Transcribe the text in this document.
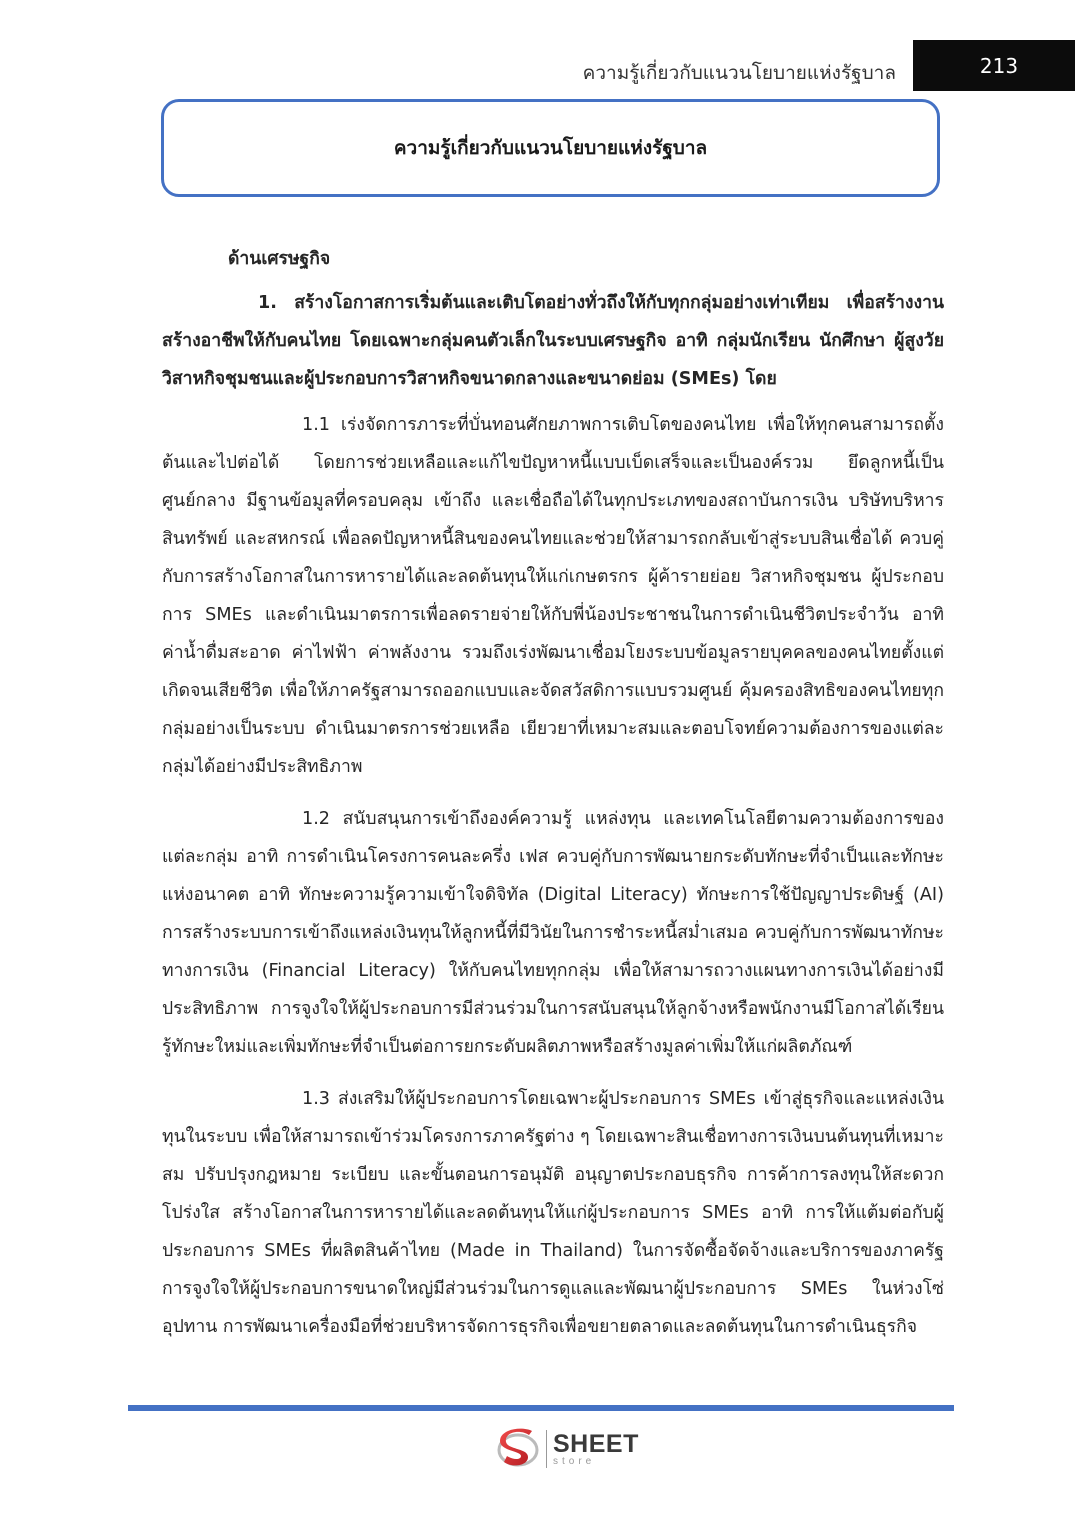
ความรู้เกี่ยวกับแนวนโยบายแห่งรัฐบาล	213
ความรู้เกี่ยวกับแนวนโยบายแห่งรัฐบาล

ด้านเศรษฐกิจ

1. สร้างโอกาสการเริ่มต้นและเติบโตอย่างทั่วถึงให้กับทุกกลุ่มอย่างเท่าเทียม เพื่อสร้างงาน สร้างอาชีพให้กับคนไทย โดยเฉพาะกลุ่มคนตัวเล็กในระบบเศรษฐกิจ อาทิ กลุ่มนักเรียน นักศึกษา ผู้สูงวัย วิสาหกิจชุมชนและผู้ประกอบการวิสาหกิจขนาดกลางและขนาดย่อม (SMEs) โดย

1.1 เร่งจัดการภาระที่บั่นทอนศักยภาพการเติบโตของคนไทย เพื่อให้ทุกคนสามารถตั้งต้นและไปต่อได้ โดยการช่วยเหลือและแก้ไขปัญหาหนี้แบบเบ็ดเสร็จและเป็นองค์รวม ยึดลูกหนี้เป็นศูนย์กลาง มีฐานข้อมูลที่ครอบคลุม เข้าถึง และเชื่อถือได้ในทุกประเภทของสถาบันการเงิน บริษัทบริหารสินทรัพย์ และสหกรณ์ เพื่อลดปัญหาหนี้สินของคนไทยและช่วยให้สามารถกลับเข้าสู่ระบบสินเชื่อได้ ควบคู่กับการสร้างโอกาสในการหารายได้และลดต้นทุนให้แก่เกษตรกร ผู้ค้ารายย่อย วิสาหกิจชุมชน ผู้ประกอบการ SMEs และดำเนินมาตรการเพื่อลดรายจ่ายให้กับพี่น้องประชาชนในการดำเนินชีวิตประจำวัน อาทิ ค่าน้ำดื่มสะอาด ค่าไฟฟ้า ค่าพลังงาน รวมถึงเร่งพัฒนาเชื่อมโยงระบบข้อมูลรายบุคคลของคนไทยตั้งแต่เกิดจนเสียชีวิต เพื่อให้ภาครัฐสามารถออกแบบและจัดสวัสดิการแบบรวมศูนย์ คุ้มครองสิทธิของคนไทยทุกกลุ่มอย่างเป็นระบบ ดำเนินมาตรการช่วยเหลือ เยียวยาที่เหมาะสมและตอบโจทย์ความต้องการของแต่ละกลุ่มได้อย่างมีประสิทธิภาพ

1.2 สนับสนุนการเข้าถึงองค์ความรู้ แหล่งทุน และเทคโนโลยีตามความต้องการของแต่ละกลุ่ม อาทิ การดำเนินโครงการคนละครึ่ง เฟส ควบคู่กับการพัฒนายกระดับทักษะที่จำเป็นและทักษะแห่งอนาคต อาทิ ทักษะความรู้ความเข้าใจดิจิทัล (Digital Literacy) ทักษะการใช้ปัญญาประดิษฐ์ (AI) การสร้างระบบการเข้าถึงแหล่งเงินทุนให้ลูกหนี้ที่มีวินัยในการชำระหนี้สม่ำเสมอ ควบคู่กับการพัฒนาทักษะทางการเงิน (Financial Literacy) ให้กับคนไทยทุกกลุ่ม เพื่อให้สามารถวางแผนทางการเงินได้อย่างมีประสิทธิภาพ การจูงใจให้ผู้ประกอบการมีส่วนร่วมในการสนับสนุนให้ลูกจ้างหรือพนักงานมีโอกาสได้เรียนรู้ทักษะใหม่และเพิ่มทักษะที่จำเป็นต่อการยกระดับผลิตภาพหรือสร้างมูลค่าเพิ่มให้แก่ผลิตภัณฑ์

1.3 ส่งเสริมให้ผู้ประกอบการโดยเฉพาะผู้ประกอบการ SMEs เข้าสู่ธุรกิจและแหล่งเงินทุนในระบบ เพื่อให้สามารถเข้าร่วมโครงการภาครัฐต่าง ๆ โดยเฉพาะสินเชื่อทางการเงินบนต้นทุนที่เหมาะสม ปรับปรุงกฎหมาย ระเบียบ และขั้นตอนการอนุมัติ อนุญาตประกอบธุรกิจ การค้าการลงทุนให้สะดวก โปร่งใส สร้างโอกาสในการหารายได้และลดต้นทุนให้แก่ผู้ประกอบการ SMEs อาทิ การให้แต้มต่อกับผู้ประกอบการ SMEs ที่ผลิตสินค้าไทย (Made in Thailand) ในการจัดซื้อจัดจ้างและบริการของภาครัฐ การจูงใจให้ผู้ประกอบการขนาดใหญ่มีส่วนร่วมในการดูแลและพัฒนาผู้ประกอบการ SMEs ในห่วงโซ่อุปทาน การพัฒนาเครื่องมือที่ช่วยบริหารจัดการธุรกิจเพื่อขยายตลาดและลดต้นทุนในการดำเนินธุรกิจ

SHEET
store
